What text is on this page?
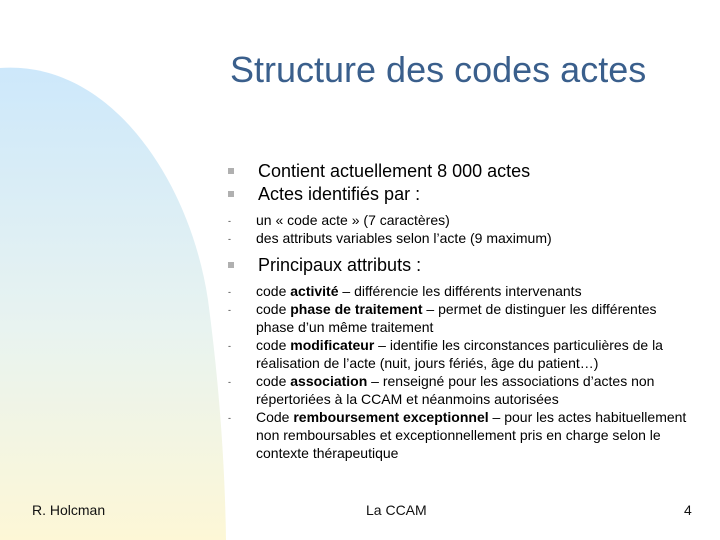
Structure des codes actes
Contient actuellement 8 000 actes
Actes identifiés par :
- un « code acte » (7 caractères)
- des attributs variables selon l’acte (9 maximum)
Principaux attributs :
- code activité – différencie les différents intervenants
- code phase de traitement – permet de distinguer les différentes phase d’un même traitement
- code modificateur – identifie les circonstances particulières de la réalisation de l’acte (nuit, jours fériés, âge du patient…)
- code association – renseigné pour les associations d’actes non répertoriées à la CCAM et néanmoins autorisées
- Code remboursement exceptionnel – pour les actes habituellement non remboursables et exceptionnellement pris en charge selon le contexte thérapeutique
R. Holcman	La CCAM	4
